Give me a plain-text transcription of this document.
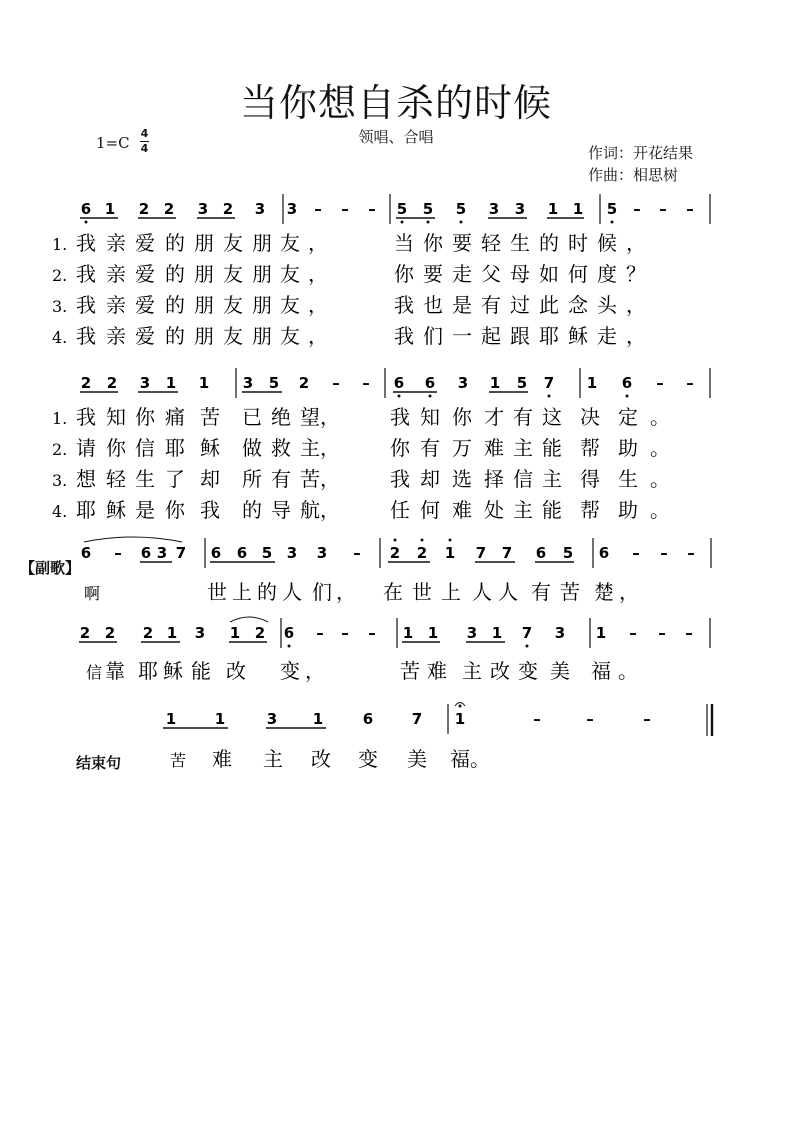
当你想自杀的时候
领唱、合唱
1=C
4
4	作词：开花结果
作曲：相思树
6 1 2 2 3 2 3 3 – – – 5 5 5 3 3 1 1 5 – – –
1. 我 亲 爱 的 朋 友 朋 友 ，	当 你 要 轻 生 的 时 候 ，
2. 我 亲 爱 的 朋 友 朋 友 ，	你 要 走 父 母 如 何 度 ？
3. 我 亲 爱 的 朋 友 朋 友 ，	我 也 是 有 过 此 念 头 ，
4. 我 亲 爱 的 朋 友 朋 友 ，	我 们 一 起 跟 耶 稣 走 ，
2 2 3 1 1 3 5 2 – – 6 6 3 1 5 7 1 6 – –
1. 我 知 你 痛 苦 已 绝 望 ，	我 知 你 才 有 这 决 定 。
2. 请 你 信 耶 稣 做 救 主 ，	你 有 万 难 主 能 帮 助 。
3. 想 轻 生 了 却 所 有 苦 ，	我 却 选 择 信 主 得 生 。
4. 耶 稣 是 你 我 的 导 航 ，	任 何 难 处 主 能 帮 助 。
【副歌】
6 – 6 3 7 6 6 5 3 3 – 2 2 1 7 7 6 5 6 – – –
啊	世 上 的 人 们 ， 在 世 上 人 人 有 苦 楚 ，
2 2 2 1 3 1 2 6 – – – 1 1 3 1 7 3 1 – – –
信 靠 耶 稣 能 改 变 ，	苦 难 主 改 变 美 福 。
1	1	3 1	6	7 1	–	–	–
结束句	苦 难 主 改 变 美 福 。
